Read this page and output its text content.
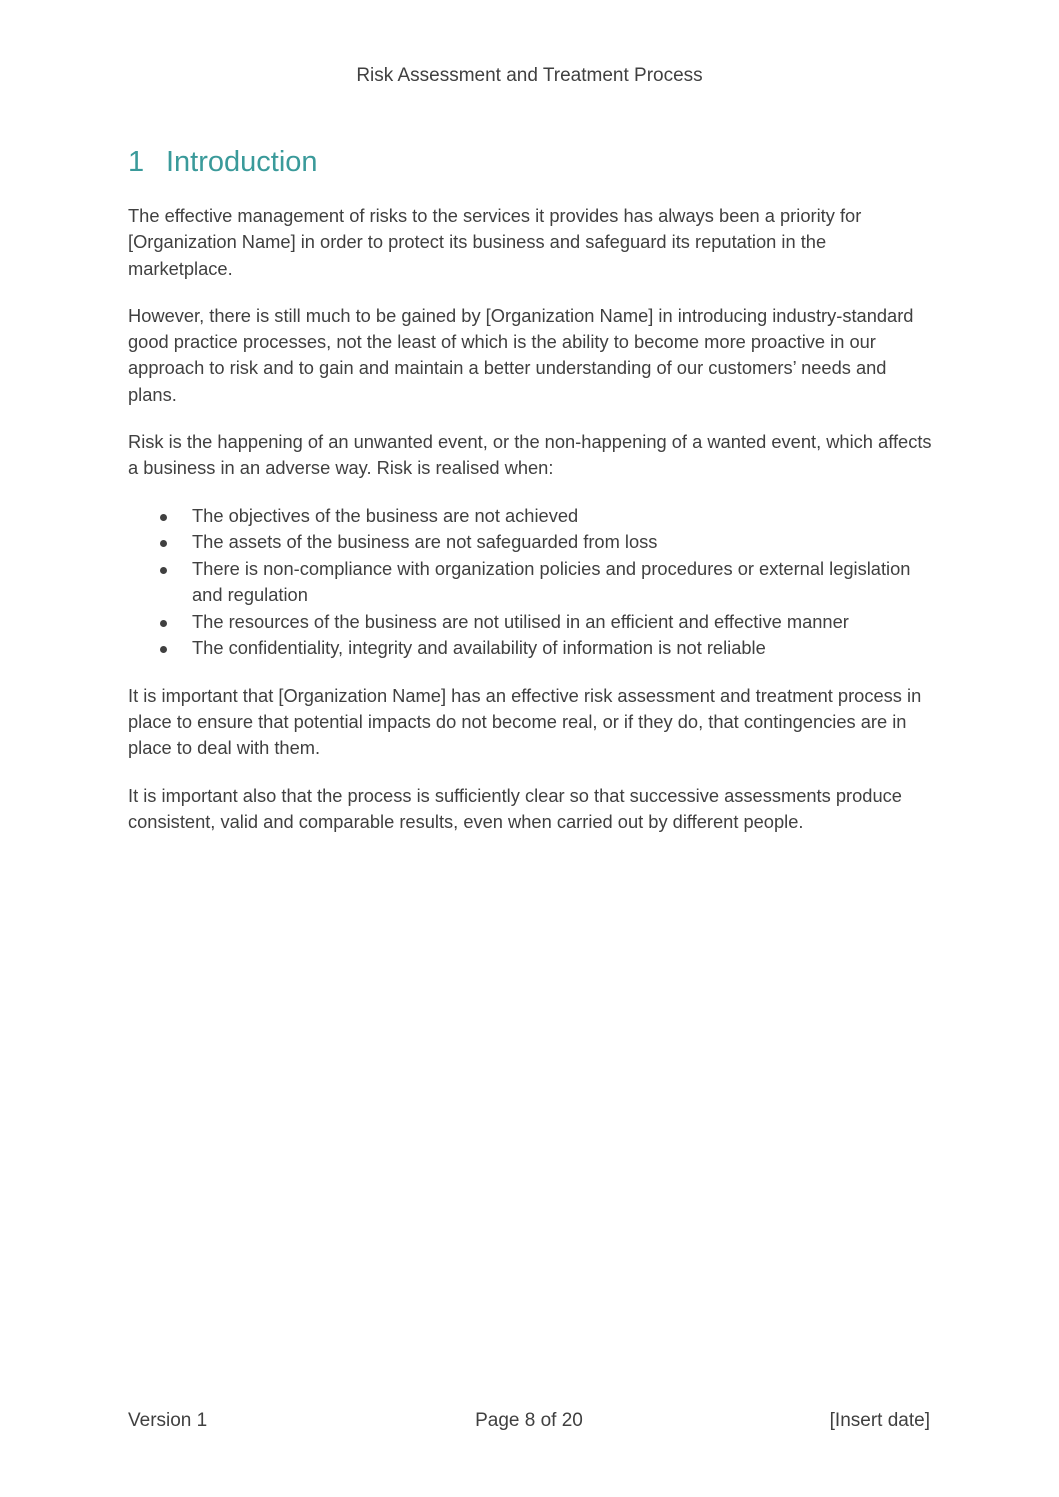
Risk Assessment and Treatment Process
1 Introduction

The effective management of risks to the services it provides has always been a priority for [Organization Name] in order to protect its business and safeguard its reputation in the marketplace.

However, there is still much to be gained by [Organization Name] in introducing industry-standard good practice processes, not the least of which is the ability to become more proactive in our approach to risk and to gain and maintain a better understanding of our customers’ needs and plans.

Risk is the happening of an unwanted event, or the non-happening of a wanted event, which affects a business in an adverse way. Risk is realised when:

The objectives of the business are not achieved
The assets of the business are not safeguarded from loss
There is non-compliance with organization policies and procedures or external legislation and regulation
The resources of the business are not utilised in an efficient and effective manner
The confidentiality, integrity and availability of information is not reliable

It is important that [Organization Name] has an effective risk assessment and treatment process in place to ensure that potential impacts do not become real, or if they do, that contingencies are in place to deal with them.

It is important also that the process is sufficiently clear so that successive assessments produce consistent, valid and comparable results, even when carried out by different people.

Version 1	Page 8 of 20	[Insert date]
